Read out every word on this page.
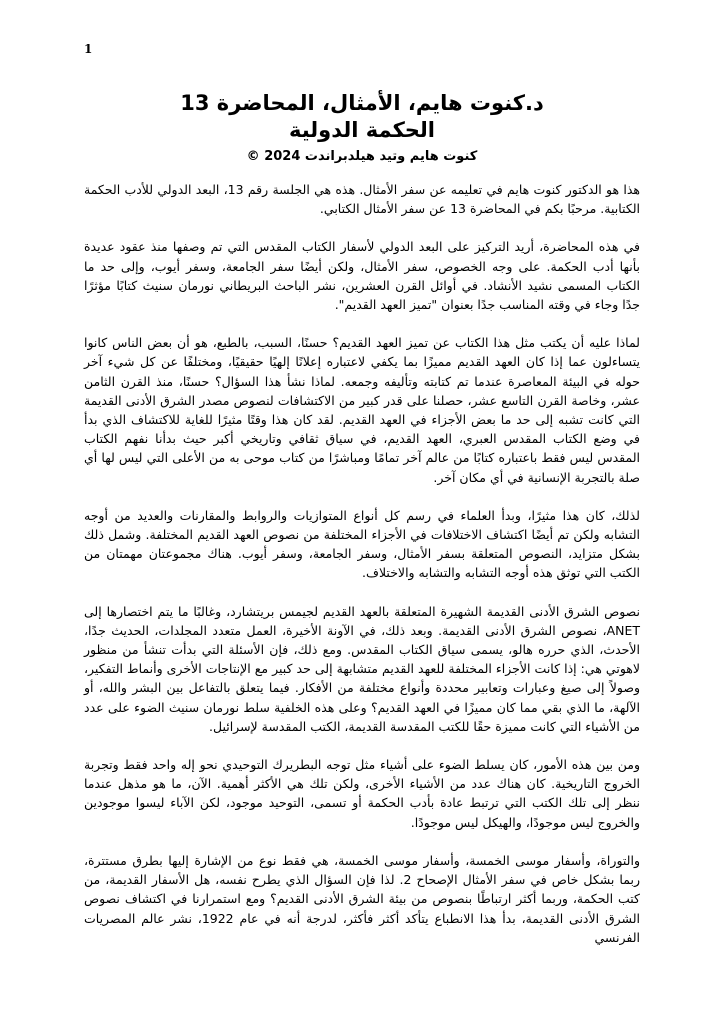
1
د.كنوت هايم، الأمثال، المحاضرة 13
الحكمة الدولية
كنوت هايم وتيد هيلدبراندت 2024 ©

هذا هو الدكتور كنوت هايم في تعليمه عن سفر الأمثال. هذه هي الجلسة رقم 13، البعد الدولي للأدب الحكمة الكتابية. مرحبًا بكم في المحاضرة 13 عن سفر الأمثال الكتابي.

في هذه المحاضرة، أريد التركيز على البعد الدولي لأسفار الكتاب المقدس التي تم وصفها منذ عقود عديدة بأنها أدب الحكمة. على وجه الخصوص، سفر الأمثال، ولكن أيضًا سفر الجامعة، وسفر أيوب، وإلى حد ما الكتاب المسمى نشيد الأنشاد. في أوائل القرن العشرين، نشر الباحث البريطاني نورمان سنيث كتابًا مؤثرًا جدًا وجاء في وقته المناسب جدًا بعنوان "تميز العهد القديم".

لماذا عليه أن يكتب مثل هذا الكتاب عن تميز العهد القديم؟ حسنًا، السبب، بالطبع، هو أن بعض الناس كانوا يتساءلون عما إذا كان العهد القديم مميزًا بما يكفي لاعتباره إعلانًا إلهيًا حقيقيًا، ومختلفًا عن كل شيء آخر حوله في البيئة المعاصرة عندما تم كتابته وتأليفه وجمعه. لماذا نشأ هذا السؤال؟ حسنًا، منذ القرن الثامن عشر، وخاصة القرن التاسع عشر، حصلنا على قدر كبير من الاكتشافات لنصوص مصدر الشرق الأدنى القديمة التي كانت تشبه إلى حد ما بعض الأجزاء في العهد القديم. لقد كان هذا وقتًا مثيرًا للغاية للاكتشاف الذي بدأ في وضع الكتاب المقدس العبري، العهد القديم، في سياق ثقافي وتاريخي أكبر حيث بدأنا نفهم الكتاب المقدس ليس فقط باعتباره كتابًا من عالم آخر تمامًا ومباشرًا من كتاب موحى به من الأعلى التي ليس لها أي صلة بالتجربة الإنسانية في أي مكان آخر.

لذلك، كان هذا مثيرًا، وبدأ العلماء في رسم كل أنواع المتوازيات والروابط والمقارنات والعديد من أوجه التشابه ولكن تم أيضًا اكتشاف الاختلافات في الأجزاء المختلفة من نصوص العهد القديم المختلفة. وشمل ذلك بشكل متزايد، النصوص المتعلقة بسفر الأمثال، وسفر الجامعة، وسفر أيوب. هناك مجموعتان مهمتان من الكتب التي توثق هذه أوجه التشابه والتشابه والاختلاف.

نصوص الشرق الأدنى القديمة الشهيرة المتعلقة بالعهد القديم لجيمس بريتشارد، وغالبًا ما يتم اختصارها إلى ANET، نصوص الشرق الأدنى القديمة. وبعد ذلك، في الآونة الأخيرة، العمل متعدد المجلدات، الحديث جدًا، الأحدث، الذي حرره هالو، يسمى سياق الكتاب المقدس. ومع ذلك، فإن الأسئلة التي بدأت تنشأ من منظور لاهوتي هي: إذا كانت الأجزاء المختلفة للعهد القديم متشابهة إلى حد كبير مع الإنتاجات الأخرى وأنماط التفكير، وصولاً إلى صيغ وعبارات وتعابير محددة وأنواع مختلفة من الأفكار. فيما يتعلق بالتفاعل بين البشر والله، أو الآلهة، ما الذي بقي مما كان مميزًا في العهد القديم؟ وعلى هذه الخلفية سلط نورمان سنيث الضوء على عدد من الأشياء التي كانت مميزة حقًا للكتب المقدسة القديمة، الكتب المقدسة لإسرائيل.

ومن بين هذه الأمور، كان يسلط الضوء على أشياء مثل توجه البطريرك التوحيدي نحو إله واحد فقط وتجربة الخروج التاريخية. كان هناك عدد من الأشياء الأخرى، ولكن تلك هي الأكثر أهمية. الآن، ما هو مذهل عندما ننظر إلى تلك الكتب التي ترتبط عادة بأدب الحكمة أو تسمى، التوحيد موجود، لكن الآباء ليسوا موجودين والخروج ليس موجودًا، والهيكل ليس موجودًا.

والتوراة، وأسفار موسى الخمسة، وأسفار موسى الخمسة، هي فقط نوع من الإشارة إليها بطرق مستترة، ربما بشكل خاص في سفر الأمثال الإصحاح 2. لذا فإن السؤال الذي يطرح نفسه، هل الأسفار القديمة، من كتب الحكمة، وربما أكثر ارتباطًا بنصوص من بيئة الشرق الأدنى القديم؟ ومع استمرارنا في اكتشاف نصوص الشرق الأدنى القديمة، بدأ هذا الانطباع يتأكد أكثر فأكثر، لدرجة أنه في عام 1922، نشر عالم المصريات الفرنسي
